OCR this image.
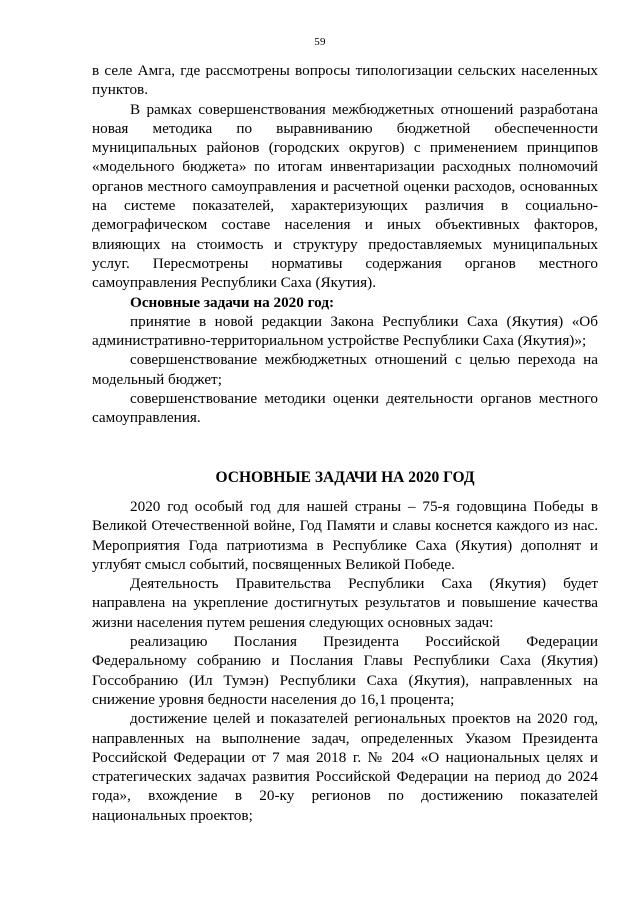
59

в селе Амга, где рассмотрены вопросы типологизации сельских населенных пунктов.

В рамках совершенствования межбюджетных отношений разработана новая методика по выравниванию бюджетной обеспеченности муниципальных районов (городских округов) с применением принципов «модельного бюджета» по итогам инвентаризации расходных полномочий органов местного самоуправления и расчетной оценки расходов, основанных на системе показателей, характеризующих различия в социально-демографическом составе населения и иных объективных факторов, влияющих на стоимость и структуру предоставляемых муниципальных услуг. Пересмотрены нормативы содержания органов местного самоуправления Республики Саха (Якутия).

Основные задачи на 2020 год:

принятие в новой редакции Закона Республики Саха (Якутия) «Об административно-территориальном устройстве Республики Саха (Якутия)»;

совершенствование межбюджетных отношений с целью перехода на модельный бюджет;

совершенствование методики оценки деятельности органов местного самоуправления.

ОСНОВНЫЕ ЗАДАЧИ НА 2020 ГОД

2020 год особый год для нашей страны – 75-я годовщина Победы в Великой Отечественной войне, Год Памяти и славы коснется каждого из нас. Мероприятия Года патриотизма в Республике Саха (Якутия) дополнят и углубят смысл событий, посвященных Великой Победе.

Деятельность Правительства Республики Саха (Якутия) будет направлена на укрепление достигнутых результатов и повышение качества жизни населения путем решения следующих основных задач:

реализацию Послания Президента Российской Федерации Федеральному собранию и Послания Главы Республики Саха (Якутия) Госсобранию (Ил Тумэн) Республики Саха (Якутия), направленных на снижение уровня бедности населения до 16,1 процента;

достижение целей и показателей региональных проектов на 2020 год, направленных на выполнение задач, определенных Указом Президента Российской Федерации от 7 мая 2018 г. № 204 «О национальных целях и стратегических задачах развития Российской Федерации на период до 2024 года», вхождение в 20-ку регионов по достижению показателей национальных проектов;
